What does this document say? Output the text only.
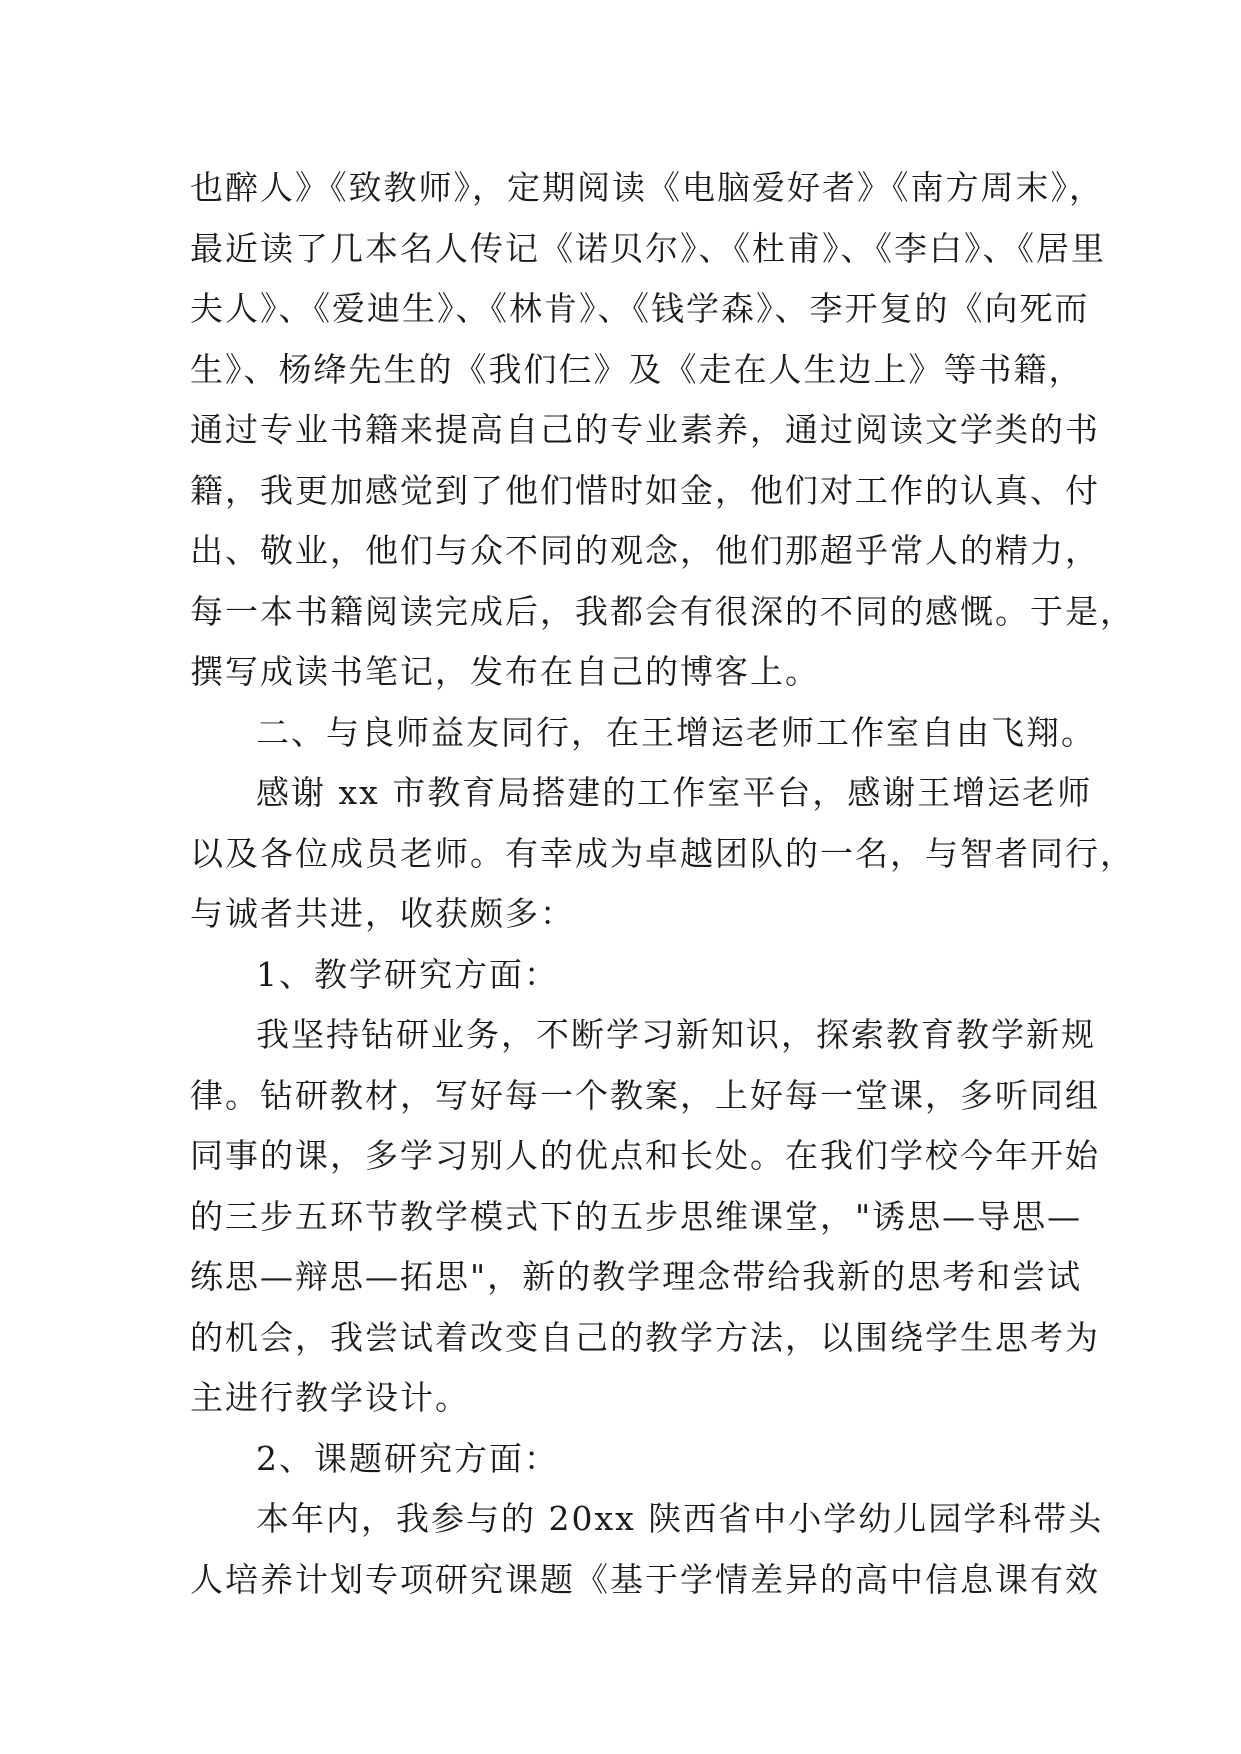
也醉人》《致教师》，定期阅读《电脑爱好者》《南方周末》，
最近读了几本名人传记《诺贝尔》、《杜甫》、《李白》、《居里
夫人》、《爱迪生》、《林肯》、《钱学森》、李开复的《向死而
生》、杨绛先生的《我们仨》及《走在人生边上》等书籍，
通过专业书籍来提高自己的专业素养，通过阅读文学类的书
籍，我更加感觉到了他们惜时如金，他们对工作的认真、付
出、敬业，他们与众不同的观念，他们那超乎常人的精力，
每一本书籍阅读完成后，我都会有很深的不同的感慨。于是，
撰写成读书笔记，发布在自己的博客上。
二、与良师益友同行，在王增运老师工作室自由飞翔。
感谢 xx 市教育局搭建的工作室平台，感谢王增运老师
以及各位成员老师。有幸成为卓越团队的一名，与智者同行，
与诚者共进，收获颇多：
1、教学研究方面：
我坚持钻研业务，不断学习新知识，探索教育教学新规
律。钻研教材，写好每一个教案，上好每一堂课，多听同组
同事的课，多学习别人的优点和长处。在我们学校今年开始
的三步五环节教学模式下的五步思维课堂，"诱思—导思—
练思—辩思—拓思"，新的教学理念带给我新的思考和尝试
的机会，我尝试着改变自己的教学方法，以围绕学生思考为
主进行教学设计。
2、课题研究方面：
本年内，我参与的 20xx 陕西省中小学幼儿园学科带头
人培养计划专项研究课题《基于学情差异的高中信息课有效
